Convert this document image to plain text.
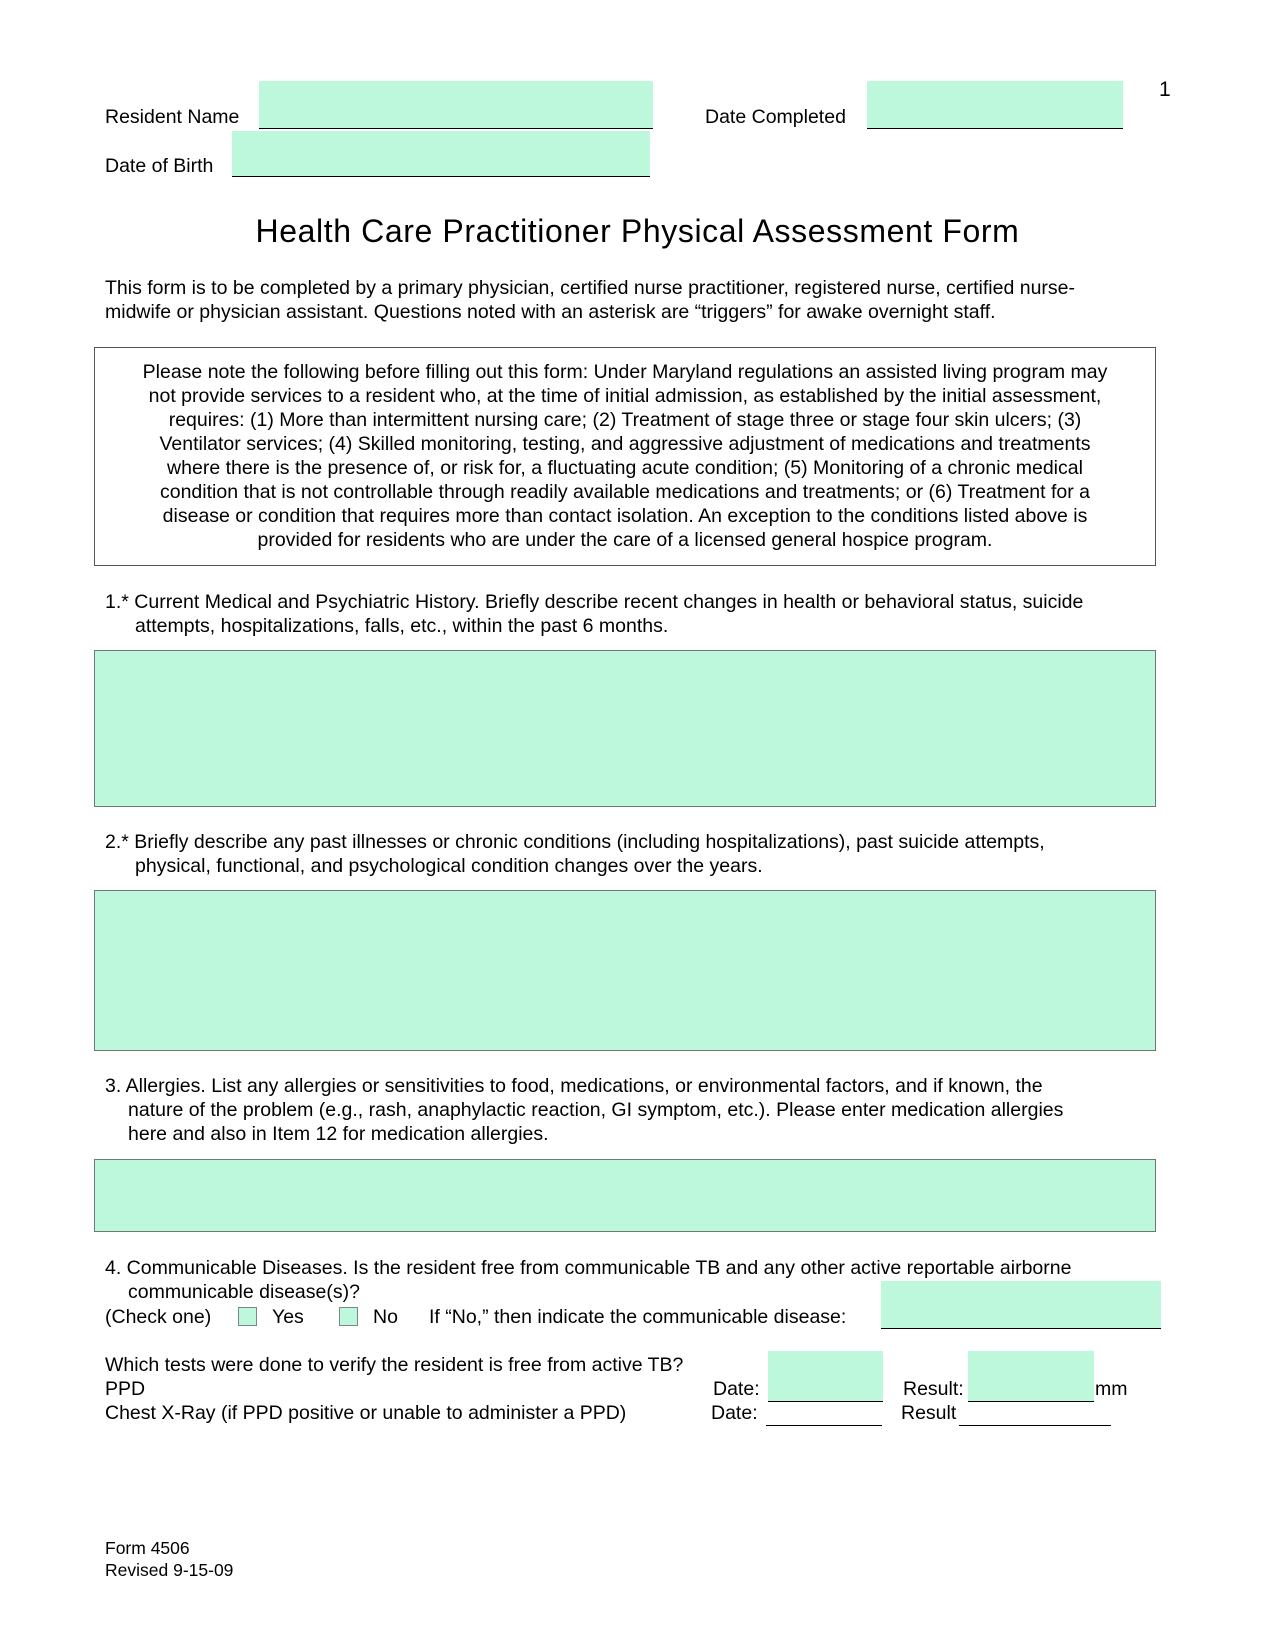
1
Resident Name	Date Completed
Date of Birth
Health Care Practitioner Physical Assessment Form
This form is to be completed by a primary physician, certified nurse practitioner, registered nurse, certified nurse-
midwife or physician assistant. Questions noted with an asterisk are “triggers” for awake overnight staff.
Please note the following before filling out this form: Under Maryland regulations an assisted living program may
not provide services to a resident who, at the time of initial admission, as established by the initial assessment,
requires: (1) More than intermittent nursing care; (2) Treatment of stage three or stage four skin ulcers; (3)
Ventilator services; (4) Skilled monitoring, testing, and aggressive adjustment of medications and treatments
where there is the presence of, or risk for, a fluctuating acute condition; (5) Monitoring of a chronic medical
condition that is not controllable through readily available medications and treatments; or (6) Treatment for a
disease or condition that requires more than contact isolation. An exception to the conditions listed above is
provided for residents who are under the care of a licensed general hospice program.
1.* Current Medical and Psychiatric History. Briefly describe recent changes in health or behavioral status, suicide
attempts, hospitalizations, falls, etc., within the past 6 months.
2.* Briefly describe any past illnesses or chronic conditions (including hospitalizations), past suicide attempts,
physical, functional, and psychological condition changes over the years.
3. Allergies. List any allergies or sensitivities to food, medications, or environmental factors, and if known, the
nature of the problem (e.g., rash, anaphylactic reaction, GI symptom, etc.). Please enter medication allergies
here and also in Item 12 for medication allergies.
4. Communicable Diseases. Is the resident free from communicable TB and any other active reportable airborne
communicable disease(s)?
(Check one)	Yes	No If “No,” then indicate the communicable disease:
Which tests were done to verify the resident is free from active TB?
PPD	Date:	Result:	mm
Chest X-Ray (if PPD positive or unable to administer a PPD)	Date:	Result
Form 4506
Revised 9-15-09
